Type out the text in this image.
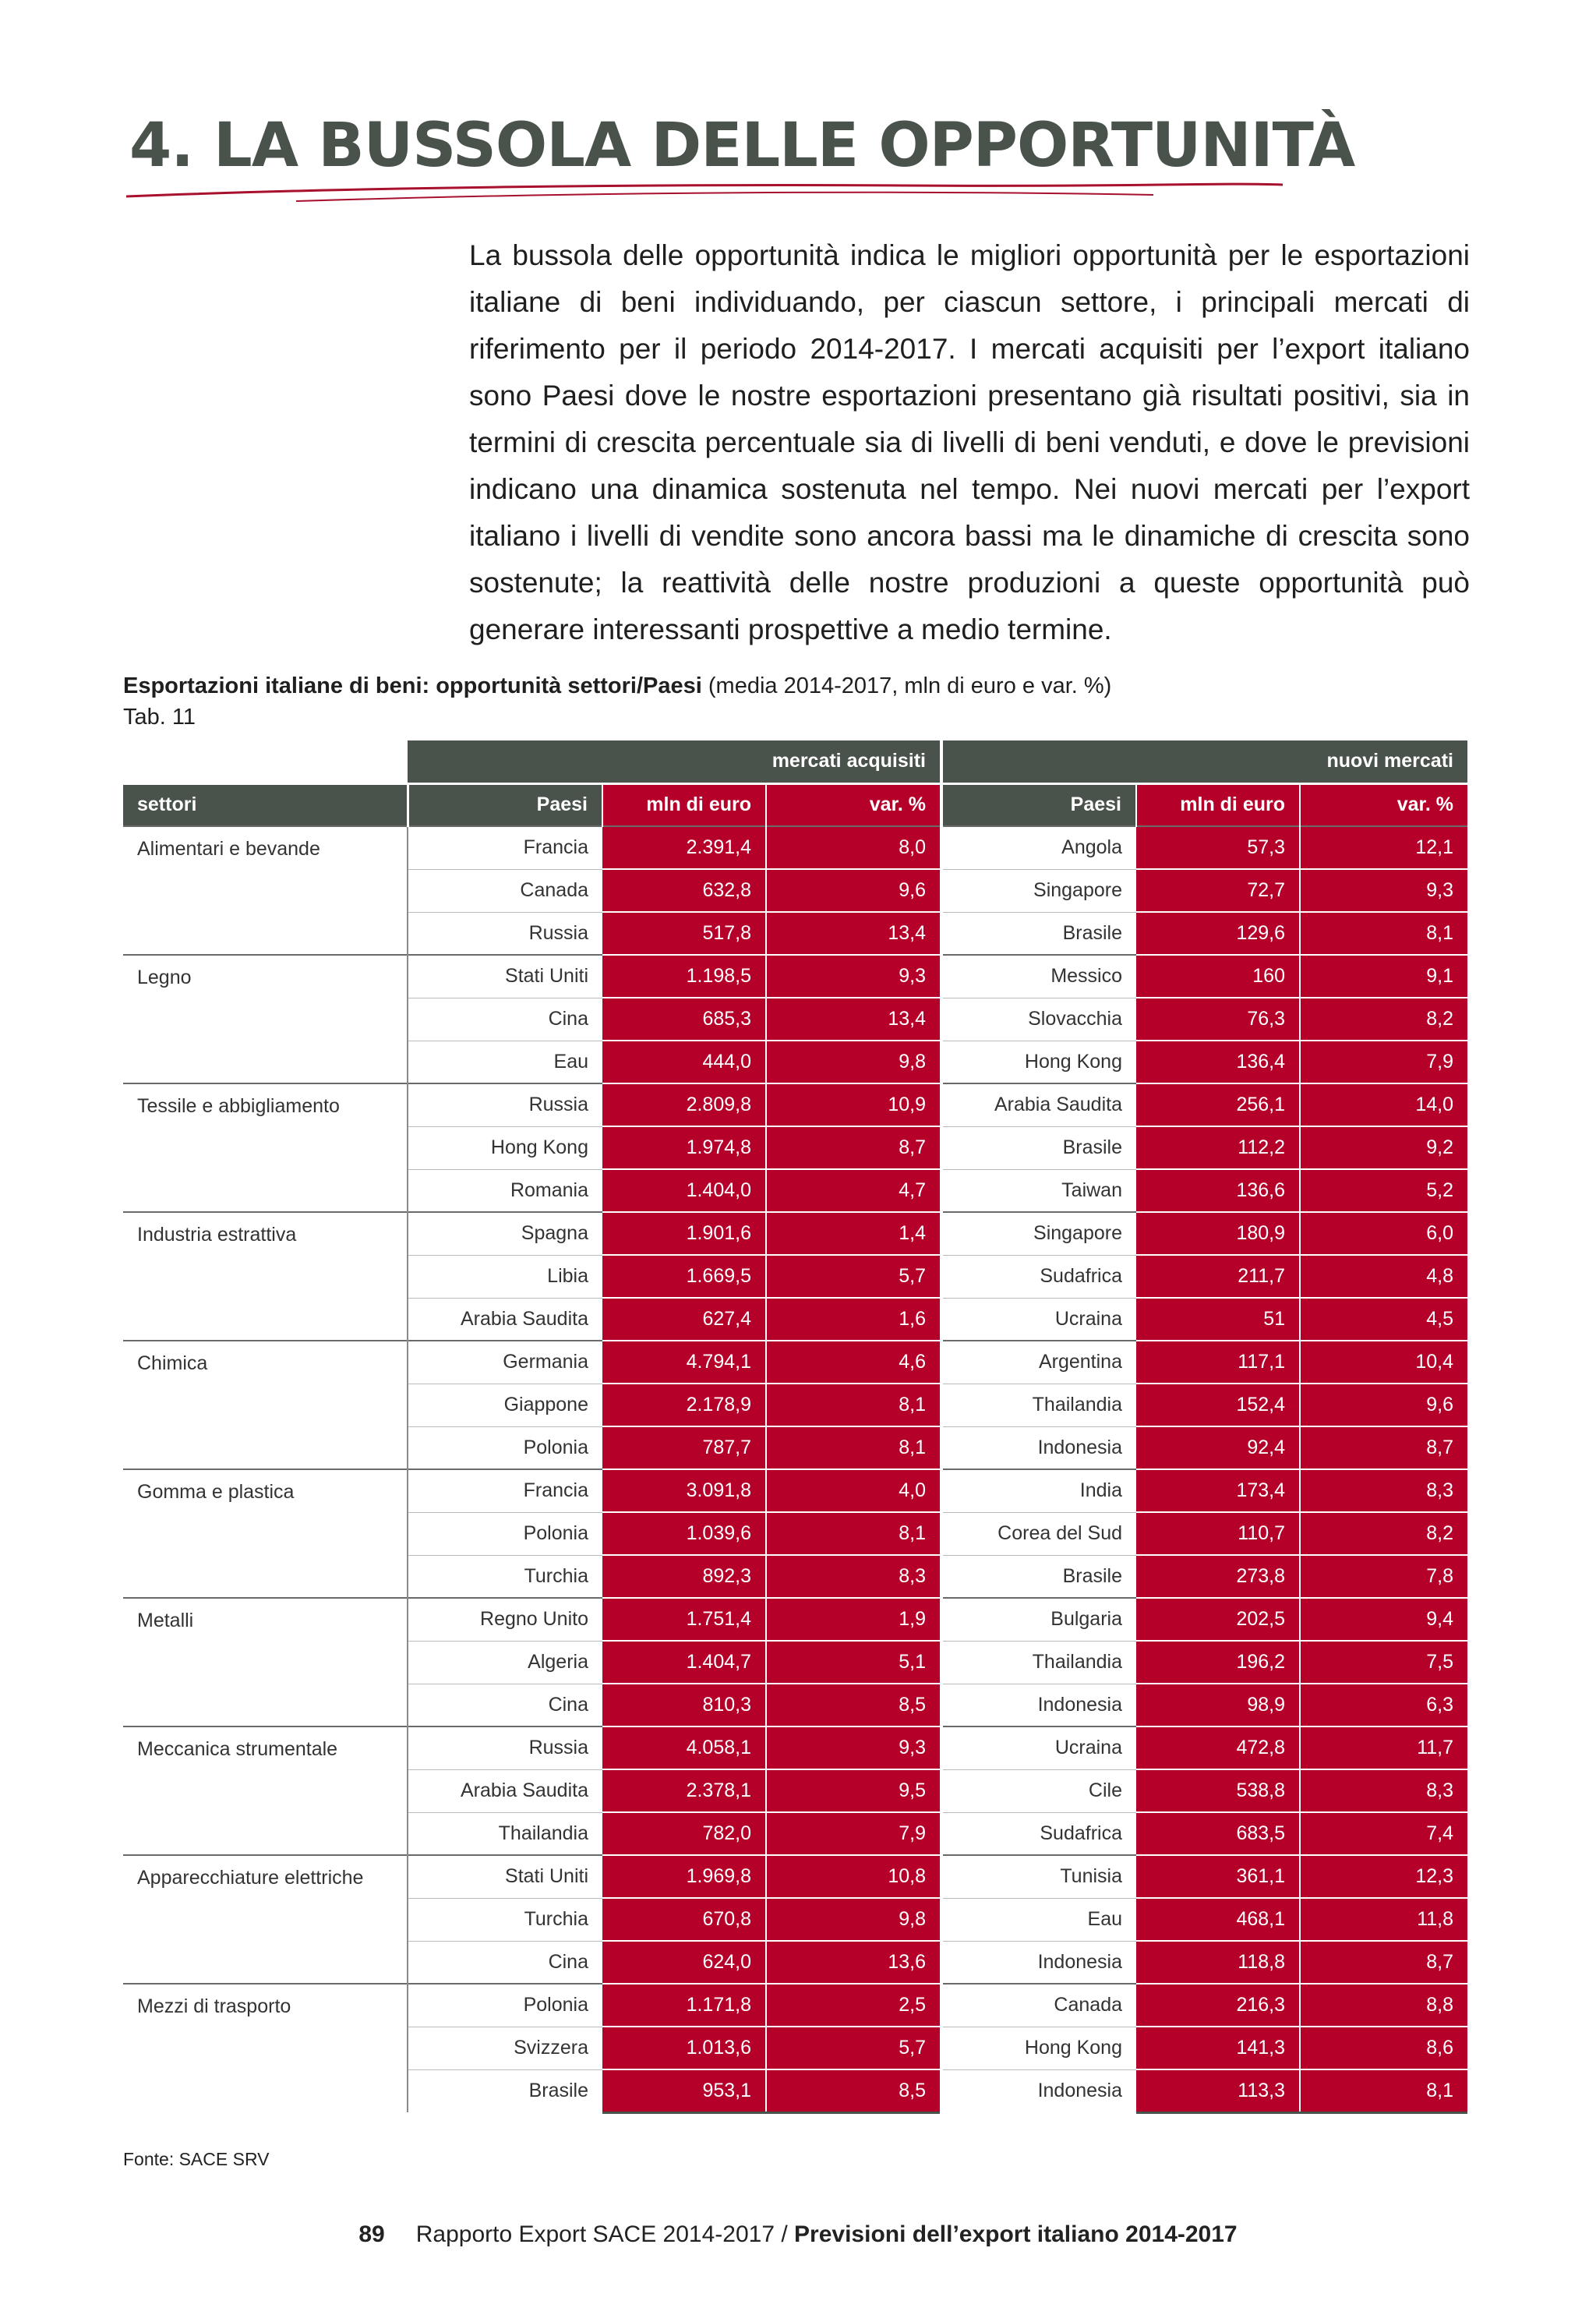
4. LA BUSSOLA DELLE OPPORTUNITÀ

La bussola delle opportunità indica le migliori opportunità per le esportazioni italiane di beni individuando, per ciascun settore, i principali mercati di riferimento per il periodo 2014-2017. I mercati acquisiti per l’export italiano sono Paesi dove le nostre esportazioni presentano già risultati positivi, sia in termini di crescita percentuale sia di livelli di beni venduti, e dove le previsioni indicano una dinamica sostenuta nel tempo. Nei nuovi mercati per l’export italiano i livelli di vendite sono ancora bassi ma le dinamiche di crescita sono sostenute; la reattività delle nostre produzioni a queste opportunità può generare interessanti prospettive a medio termine.

Esportazioni italiane di beni: opportunità settori/Paesi (media 2014-2017, mln di euro e var. %)
Tab. 11
	mercati acquisiti			nuovi mercati		
settori	Paesi	mln di euro	var. %	Paesi	mln di euro	var. %
Alimentari e bevande	Francia	2.391,4	8,0	Angola	57,3	12,1
	Canada	632,8	9,6	Singapore	72,7	9,3
	Russia	517,8	13,4	Brasile	129,6	8,1
Legno	Stati Uniti	1.198,5	9,3	Messico	160	9,1
	Cina	685,3	13,4	Slovacchia	76,3	8,2
	Eau	444,0	9,8	Hong Kong	136,4	7,9
Tessile e abbigliamento	Russia	2.809,8	10,9	Arabia Saudita	256,1	14,0
	Hong Kong	1.974,8	8,7	Brasile	112,2	9,2
	Romania	1.404,0	4,7	Taiwan	136,6	5,2
Industria estrattiva	Spagna	1.901,6	1,4	Singapore	180,9	6,0
	Libia	1.669,5	5,7	Sudafrica	211,7	4,8
	Arabia Saudita	627,4	1,6	Ucraina	51	4,5
Chimica	Germania	4.794,1	4,6	Argentina	117,1	10,4
	Giappone	2.178,9	8,1	Thailandia	152,4	9,6
	Polonia	787,7	8,1	Indonesia	92,4	8,7
Gomma e plastica	Francia	3.091,8	4,0	India	173,4	8,3
	Polonia	1.039,6	8,1	Corea del Sud	110,7	8,2
	Turchia	892,3	8,3	Brasile	273,8	7,8
Metalli	Regno Unito	1.751,4	1,9	Bulgaria	202,5	9,4
	Algeria	1.404,7	5,1	Thailandia	196,2	7,5
	Cina	810,3	8,5	Indonesia	98,9	6,3
Meccanica strumentale	Russia	4.058,1	9,3	Ucraina	472,8	11,7
	Arabia Saudita	2.378,1	9,5	Cile	538,8	8,3
	Thailandia	782,0	7,9	Sudafrica	683,5	7,4
Apparecchiature elettriche	Stati Uniti	1.969,8	10,8	Tunisia	361,1	12,3
	Turchia	670,8	9,8	Eau	468,1	11,8
	Cina	624,0	13,6	Indonesia	118,8	8,7
Mezzi di trasporto	Polonia	1.171,8	2,5	Canada	216,3	8,8
	Svizzera	1.013,6	5,7	Hong Kong	141,3	8,6
	Brasile	953,1	8,5	Indonesia	113,3	8,1
Fonte: SACE SRV
89 Rapporto Export SACE 2014-2017 / Previsioni dell’export italiano 2014-2017
